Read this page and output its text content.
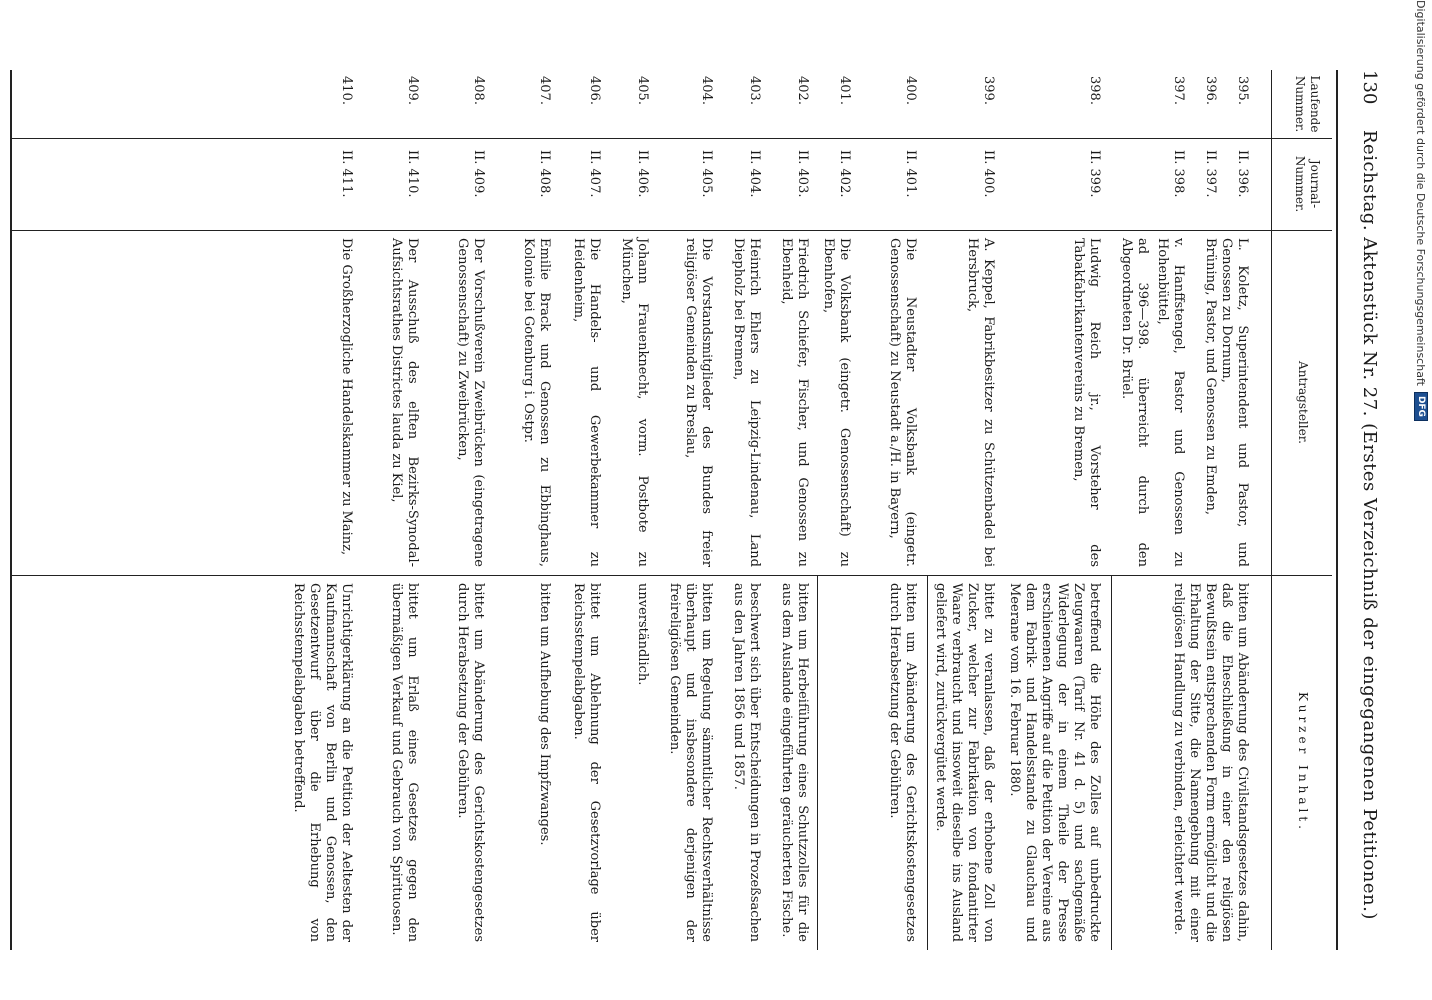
130
Reichstag. Aktenstück Nr. 27. (Erstes Verzeichniß der eingegangenen Petitionen.)
Laufende Nummer.
Journal-Nummer.
Antragsteller.
Kurzer Inhalt.
395.
II. 396.
L. Koletz, Superintendent und Pastor, und Genossen zu Dornum,
bitten um Abänderung des Civilstandsgesetzes dahin, daß die Eheschließung in einer den religiösen Bewußtsein entsprechenden Form ermöglicht und die Erhaltung der Sitte, die Namengebung mit einer religiösen Handlung zu verbinden, erleichtert werde.
396.
II. 397.
Brüning, Pastor, und Genossen zu Emden,
397.
II. 398.
v. Hanffstengel, Pastor und Genossen zu Hohenbüttel,
ad 396—398. überreicht durch den Abgeordneten Dr. Brüel.
398.
II. 399.
Ludwig Reich jr., Vorsteher des Tabakfabrikantenvereins zu Bremen,
betreffend die Höhe des Zolles auf unbedruckte Zeugwaaren (Tarif Nr. 41 d. 5) und sachgemäße Widerlegung der in einem Theile der Presse erschienenen Angriffe auf die Petition der Vereine aus dem Fabrik- und Handelsstande zu Glauchau und Meerane vom 16. Februar 1880.
399.
II. 400.
A. Keppel, Fabrikbesitzer zu Schützenbadel bei Hersbruck,
bittet zu veranlassen, daß der erhobene Zoll von Zucker, welcher zur Fabrikation von fondantirter Waare verbraucht und insoweit dieselbe ins Ausland geliefert wird, zurückvergütet werde.
400.
II. 401.
Die Neustadter Volksbank (eingetr. Genossenschaft) zu Neustadt a./H. in Bayern,
bitten um Abänderung des Gerichtskostengesetzes durch Herabsetzung der Gebühren.
401.
II. 402.
Die Volksbank (eingetr. Genossenschaft) zu Ebenhofen,
402.
II. 403.
Friedrich Schiefer, Fischer, und Genossen zu Ebenheid,
bitten um Herbeiführung eines Schutzzolles für die aus dem Auslande eingeführten geräucherten Fische.
403.
II. 404.
Heinrich Ehlers zu Leipzig-Lindenau, Land Diepholz bei Bremen,
beschwert sich über Entscheidungen in Prozeßsachen aus den Jahren 1856 und 1857.
404.
II. 405.
Die Vorstandsmitglieder des Bundes freier religiöser Gemeinden zu Breslau,
bitten um Regelung sämmtlicher Rechtsverhältnisse überhaupt und insbesondere derjenigen der freireligiösen Gemeinden.
405.
II. 406.
Johann Frauenknecht, vorm. Postbote zu München,
unverständlich.
406.
II. 407.
Die Handels- und Gewerbekammer zu Heidenheim,
bittet um Ablehnung der Gesetzvorlage über Reichsstempelabgaben.
407.
II. 408.
Emilie Brack und Genossen zu Ebbinghaus, Kolonie bei Gotenburg i. Ostpr.
bitten um Aufhebung des Impfzwanges.
408.
II. 409.
Der Vorschußverein Zweibrücken (eingetragene Genossenschaft) zu Zweibrücken,
bittet um Abänderung des Gerichtskostengesetzes durch Herabsetzung der Gebühren.
409.
II. 410.
Der Ausschuß des elften Bezirks-Synodal-Aufsichtsrathes Districtes lauda zu Kiel,
bittet um Erlaß eines Gesetzes gegen den übermäßigen Verkauf und Gebrauch von Spirituosen.
410.
II. 411.
Die Großherzogliche Handelskammer zu Mainz,
Unrichtigerklärung an die Petition der Aeltesten der Kaufmannschaft von Berlin und Genossen, den Gesetzentwurf über die Erhebung von Reichsstempelabgaben betreffend.
Digitalisierung gefördert durch die Deutsche Forschungsgemeinschaft
DFG
